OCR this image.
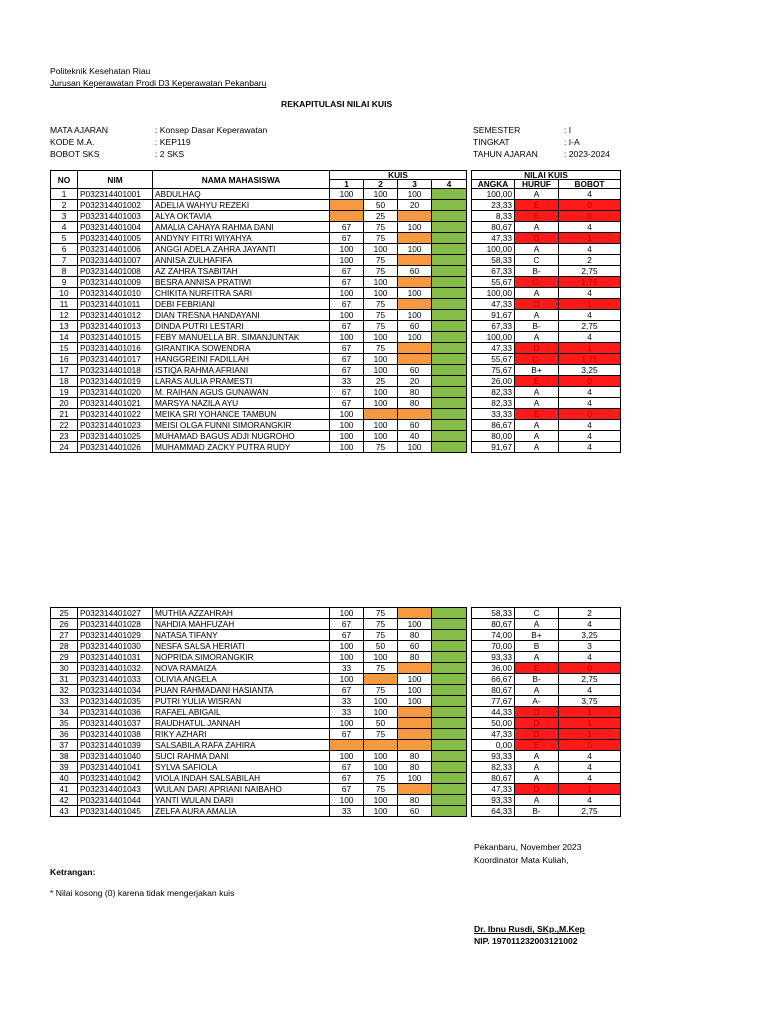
Politeknik Kesehatan Riau
Jurusan Keperawatan Prodi D3 Keperawatan Pekanbaru
REKAPITULASI NILAI KUIS
MATA AJARAN	: Konsep Dasar Keperawatan
KODE M.A.	: KEP119
BOBOT SKS	: 2 SKS
SEMESTER	: I
TINGKAT	: I-A
TAHUN AJARAN	: 2023-2024
NO	NIM	NAMA MAHASISWA	KUIS					NILAI KUIS		
			1	2	3	4		ANGKA	HURUF	BOBOT
1	P032314401001	ABDULHAQ	100	100	100			100,00	A	4
2	P032314401002	ADELIA WAHYU REZEKI		50	20			23,33	E	0
3	P032314401003	ALYA OKTAVIA		25				8,33	E	0
4	P032314401004	AMALIA CAHAYA RAHMA DANI	67	75	100			80,67	A	4
5	P032314401005	ANDYNY FITRI WIYAHYA	67	75				47,33	D	1
6	P032314401006	ANGGI ADELA ZAHRA JAYANTI	100	100	100			100,00	A	4
7	P032314401007	ANNISA ZULHAFIFA	100	75				58,33	C	2
8	P032314401008	AZ ZAHRA TSABITAH	67	75	60			67,33	B-	2,75
9	P032314401009	BESRA ANNISA PRATIWI	67	100				55,67	C-	1,75
10	P032314401010	CHIKITA NURFITRA SARI	100	100	100			100,00	A	4
11	P032314401011	DEBI FEBRIANI	67	75				47,33	D	1
12	P032314401012	DIAN TRESNA HANDAYANI	100	75	100			91,67	A	4
13	P032314401013	DINDA PUTRI LESTARI	67	75	60			67,33	B-	2,75
14	P032314401015	FEBY MANUELLA BR. SIMANJUNTAK	100	100	100			100,00	A	4
15	P032314401016	GIRANTIKA SOWENDRA	67	75				47,33	D	1
16	P032314401017	HANGGREINI FADILLAH	67	100				55,67	C-	1,75
17	P032314401018	ISTIQA RAHMA AFRIANI	67	100	60			75,67	B+	3,25
18	P032314401019	LARAS AULIA PRAMESTI	33	25	20			26,00	E	0
19	P032314401020	M. RAIHAN AGUS GUNAWAN	67	100	80			82,33	A	4
20	P032314401021	MARSYA NAZILA AYU	67	100	80			82,33	A	4
21	P032314401022	MEIKA SRI YOHANCE TAMBUN	100					33,33	E	0
22	P032314401023	MEISI OLGA FUNNI SIMORANGKIR	100	100	60			86,67	A	4
23	P032314401025	MUHAMAD BAGUS ADJI NUGROHO	100	100	40			80,00	A	4
24	P032314401026	MUHAMMAD ZACKY PUTRA RUDY	100	75	100			91,67	A	4
25	P032314401027	MUTHIA AZZAHRAH	100	75				58,33	C	2
26	P032314401028	NAHDIA MAHFUZAH	67	75	100			80,67	A	4
27	P032314401029	NATASA TIFANY	67	75	80			74,00	B+	3,25
28	P032314401030	NESFA SALSA HERIATI	100	50	60			70,00	B	3
29	P032314401031	NOPRIDA SIMORANGKIR	100	100	80			93,33	A	4
30	P032314401032	NOVA RAMAIZA	33	75				36,00	E	0
31	P032314401033	OLIVIA ANGELA	100		100			66,67	B-	2,75
32	P032314401034	PUAN RAHMADANI HASIANTA	67	75	100			80,67	A	4
33	P032314401035	PUTRI YULIA WISRAN	33	100	100			77,67	A-	3,75
34	P032314401036	RAFAEL ABIGAIL	33	100				44,33	D	1
35	P032314401037	RAUDHATUL JANNAH	100	50				50,00	D	1
36	P032314401038	RIKY AZHARI	67	75				47,33	D	1
37	P032314401039	SALSABILA RAFA ZAHIRA						0,00	E	0
38	P032314401040	SUCI RAHMA DANI	100	100	80			93,33	A	4
39	P032314401041	SYLVA SAFIOLA	67	100	80			82,33	A	4
40	P032314401042	VIOLA INDAH SALSABILAH	67	75	100			80,67	A	4
41	P032314401043	WULAN DARI APRIANI NAIBAHO	67	75				47,33	D	1
42	P032314401044	YANTI WULAN DARI	100	100	80			93,33	A	4
43	P032314401045	ZELFA AURA AMALIA	33	100	60			64,33	B-	2,75
Pekanbaru, November 2023
Koordinator Mata Kuliah,
Ketrangan:
* Nilai kosong (0) karena tidak mengerjakan kuis
Dr. Ibnu Rusdi, SKp.,M.Kep
NIP. 197011232003121002
